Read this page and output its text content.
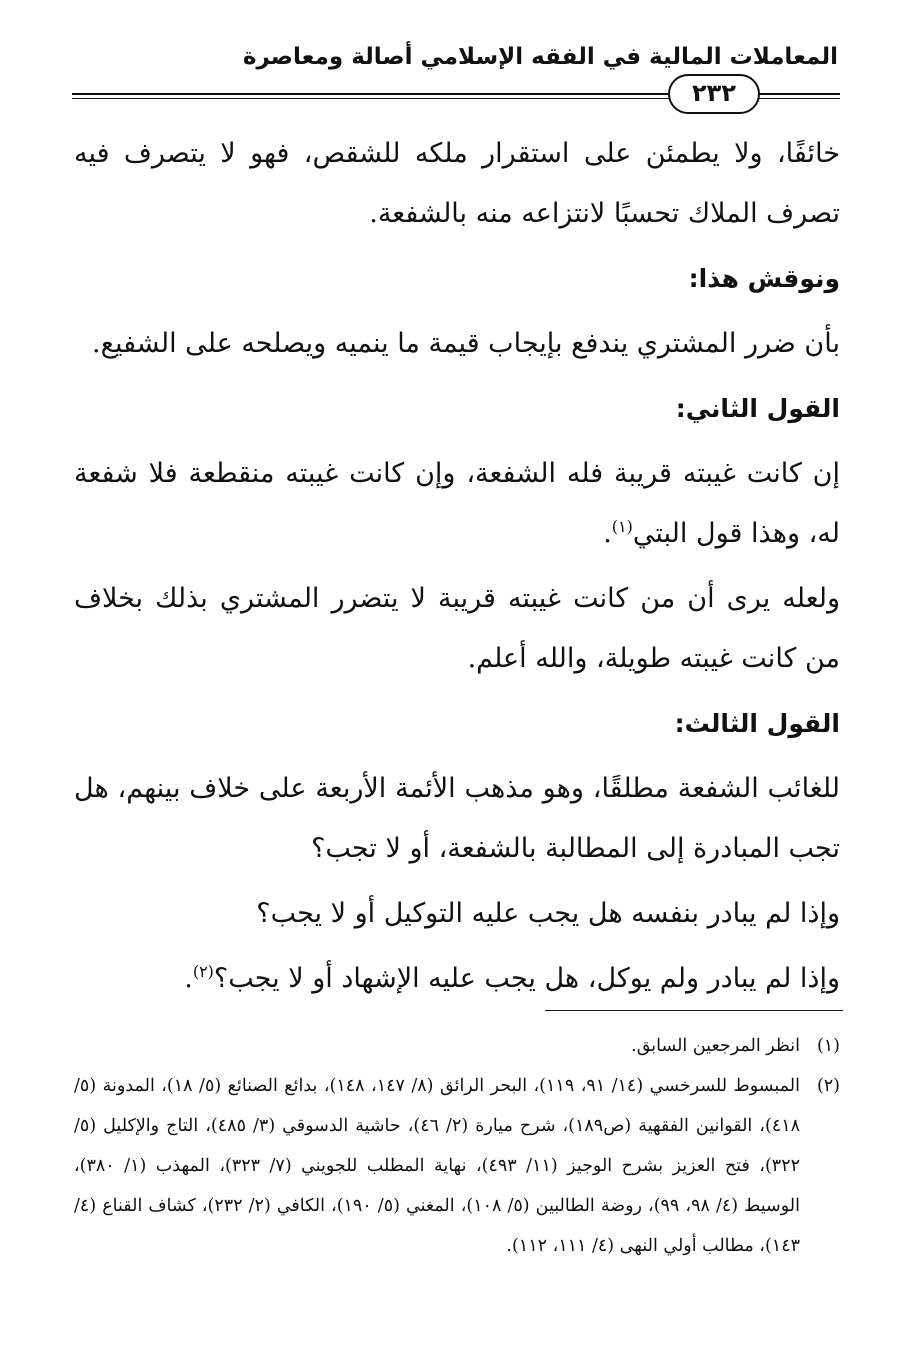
المعاملات المالية في الفقه الإسلامي أصالة ومعاصرة
٢٣٢

خائفًا، ولا يطمئن على استقرار ملكه للشقص، فهو لا يتصرف فيه تصرف الملاك تحسبًا لانتزاعه منه بالشفعة.

ونوقش هذا:

بأن ضرر المشتري يندفع بإيجاب قيمة ما ينميه ويصلحه على الشفيع.

القول الثاني:

إن كانت غيبته قريبة فله الشفعة، وإن كانت غيبته منقطعة فلا شفعة له، وهذا قول البتي$^{(١)}$.

ولعله يرى أن من كانت غيبته قريبة لا يتضرر المشتري بذلك بخلاف من كانت غيبته طويلة، والله أعلم.

القول الثالث:

للغائب الشفعة مطلقًا، وهو مذهب الأئمة الأربعة على خلاف بينهم، هل تجب المبادرة إلى المطالبة بالشفعة، أو لا تجب؟

وإذا لم يبادر بنفسه هل يجب عليه التوكيل أو لا يجب؟

وإذا لم يبادر ولم يوكل، هل يجب عليه الإشهاد أو لا يجب؟$^{(٢)}$.

(١)
انظر المرجعين السابق.
(٢)
المبسوط للسرخسي (١٤/ ٩١، ١١٩)، البحر الرائق (٨/ ١٤٧، ١٤٨)، بدائع الصنائع (٥/ ١٨)، المدونة (٥/ ٤١٨)، القوانين الفقهية (ص١٨٩)، شرح ميارة (٢/ ٤٦)، حاشية الدسوقي (٣/ ٤٨٥)، التاج والإكليل (٥/ ٣٢٢)، فتح العزيز بشرح الوجيز (١١/ ٤٩٣)، نهاية المطلب للجويني (٧/ ٣٢٣)، المهذب (١/ ٣٨٠)، الوسيط (٤/ ٩٨، ٩٩)، روضة الطالبين (٥/ ١٠٨)، المغني (٥/ ١٩٠)، الكافي (٢/ ٢٣٢)، كشاف القناع (٤/ ١٤٣)، مطالب أولي النهى (٤/ ١١١، ١١٢).
